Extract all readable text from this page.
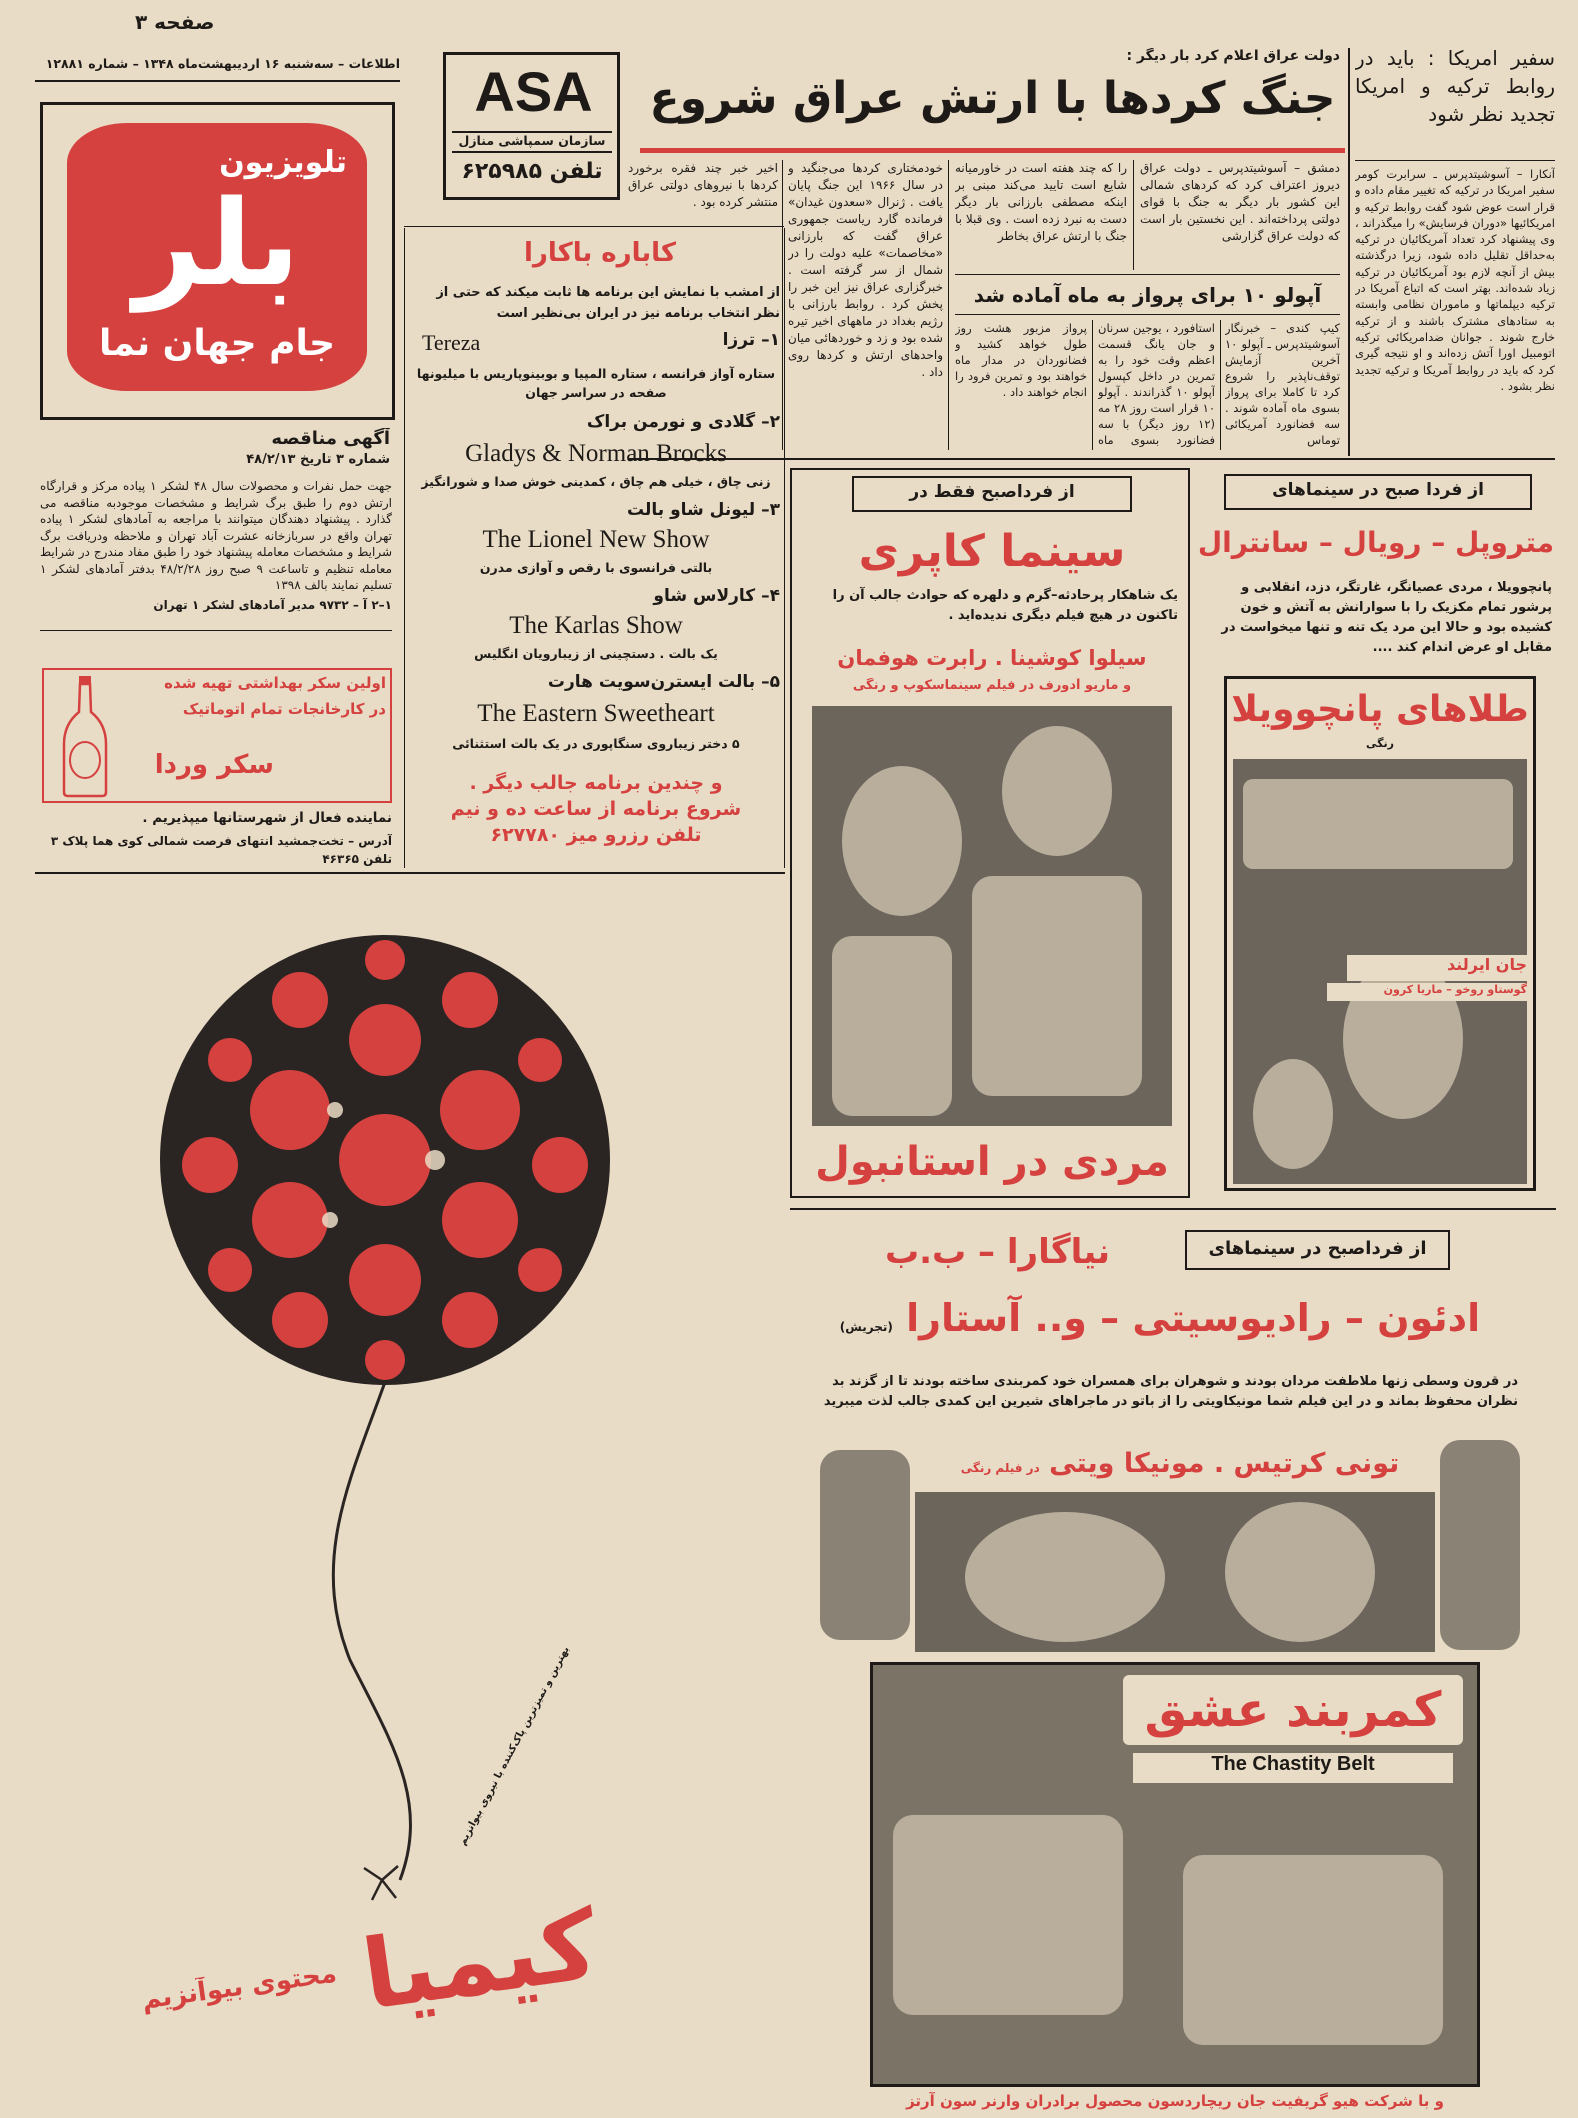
صفحه ۳
اطلاعات – سه‌شنبه ۱۶ اردیبهشت‌ماه ۱۳۴۸ – شماره ۱۲۸۸۱
تلویزیون
بلر
جام جهان نما
آگهی مناقصه
شماره ۳ تاریخ ۴۸/۲/۱۳
جهت حمل نفرات و محصولات سال ۴۸ لشکر ۱ پیاده مرکز و قرارگاه ارتش دوم را طبق برگ شرایط و مشخصات موجودبه مناقصه می گذارد . پیشنهاد دهندگان میتوانند با مراجعه به آمادهای لشکر ۱ پیاده تهران واقع در سربازخانه عشرت آباد تهران و ملاحظه ودریافت برگ شرایط و مشخصات معامله پیشنهاد خود را طبق مفاد مندرج در شرایط معامله تنظیم و تاساعت ۹ صبح روز ۴۸/۲/۲۸ بدفتر آمادهای لشکر ۱ تسلیم نمایند بالف ۱۳۹۸
۱–۲ آ – ۹۷۳۲ مدیر آمادهای لشکر ۱ تهران
اولین سکر بهداشتی تهیه شده
در کارخانجات تمام اتوماتیک
سکر وردا
نماینده فعال از شهرستانها میپذیریم .
آدرس – تخت‌جمشید انتهای فرصت شمالی کوی هما پلاک ۳ تلفن ۴۶۳۶۵
ASA
سازمان سمپاشی منازل
تلفن ۶۲۵۹۸۵
دولت عراق اعلام کرد بار دیگر :
جنگ کردها با ارتش عراق شروع
دمشق – آسوشیتدپرس ـ دولت عراق دیروز اعتراف کرد که کردهای شمالی این کشور بار دیگر به جنگ با قوای دولتی پرداخته‌اند . این نخستین بار است که دولت عراق گزارشی
را که چند هفته است در خاورمیانه شایع است تایید می‌کند مبنی بر اینکه مصطفی بارزانی بار دیگر دست به نبرد زده است . وی قبلا با جنگ با ارتش عراق بخاطر
خودمختاری کردها می‌جنگید و در سال ۱۹۶۶ این جنگ پایان یافت . ژنرال «سعدون غیدان» فرمانده گارد ریاست جمهوری عراق گفت که بارزانی «مخاصمات» علیه دولت را در شمال از سر گرفته است . خبرگزاری عراق نیز این خبر را پخش کرد . روابط بارزانی با رژیم بغداد در ماههای اخیر تیره شده بود و زد و خوردهائی میان واحدهای ارتش و کردها روی داد .
اخیر خبر چند فقره برخورد کردها با نیروهای دولتی عراق منتشر کرده بود .
آپولو ۱۰ برای پرواز به ماه آماده شد
کیپ کندی – خبرنگار آسوشیتدپرس ـ آپولو ۱۰ آخرین آزمایش توقف‌ناپذیر را شروع کرد تا کاملا برای پرواز بسوی ماه آماده شوند . سه فضانورد آمریکائی توماس
استافورد ، یوجین سرنان و جان یانگ قسمت اعظم وقت خود را به تمرین در داخل کپسول آپولو ۱۰ گذراندند . آپولو ۱۰ قرار است روز ۲۸ مه (۱۲ روز دیگر) با سه فضانورد بسوی ماه
پرواز مزبور هشت روز طول خواهد کشید و فضانوردان در مدار ماه خواهند بود و تمرین فرود را انجام خواهند داد .
سفیر امریکا : باید در روابط ترکیه و امریکا تجدید نظر شود
آنکارا – آسوشیتدپرس ـ سرابرت کومر سفیر امریکا در ترکیه که تغییر مقام داده و قرار است عوض شود گفت روابط ترکیه و امریکائیها «دوران فرسایش» را میگذراند ، وی پیشنهاد کرد تعداد آمریکائیان در ترکیه به‌حداقل تقلیل داده شود، زیرا درگذشته بیش از آنچه لازم بود آمریکائیان در ترکیه زیاد شده‌اند. بهتر است که اتباع آمریکا در ترکیه دیپلماتها و ماموران نظامی وابسته به ستادهای مشترک باشند و از ترکیه خارج شوند . جوانان ضدامریکائی ترکیه اتومبیل اورا آتش زده‌اند و او نتیجه گیری کرد که باید در روابط آمریکا و ترکیه تجدید نظر بشود .
کاباره باکارا
از امشب با نمایش این برنامه ها ثابت میکند که حتی از نظر انتخاب برنامه نیز در ایران بی‌نظیر است
۱– ترزا
Tereza
ستاره آواز فرانسه ، ستاره المپیا و بوبینوپاریس با میلیونها صفحه در سراسر جهان
۲– گلادی و نورمن براک
Gladys & Norman Brocks
زنی چاق ، خیلی هم چاق ، کمدینی خوش صدا و شورانگیز
۳– لیونل شاو بالت
The Lionel New Show
بالتی فرانسوی با رقص و آوازی مدرن
۴– کارلاس شاو
The Karlas Show
یک بالت . دستچینی از زیبارویان انگلیس
۵– بالت ایسترن‌سویت هارت
The Eastern Sweetheart
۵ دختر زیباروی سنگاپوری در یک بالت استثنائی
و چندین برنامه جالب دیگر .
شروع برنامه از ساعت ده و نیم
تلفن رزرو میز ۶۲۷۷۸۰
از فرداصبح فقط در
سینما کاپری
یک شاهکار پرحادثه–گرم و دلهره که حوادث جالب آن را تاکنون در هیچ فیلم دیگری ندیده‌اید .
سیلوا کوشینا . رابرت هوفمان
و ماریو آدورف در فیلم سینماسکوپ و رنگی
مردی در استانبول
از فردا صبح در سینماهای
متروپل – رویال – سانترال
پانچوویلا ، مردی عصیانگر، غارتگر، دزد، انقلابی و پرشور تمام مکزیک را با سوارانش به آتش و خون کشیده بود و حالا این مرد یک تنه و تنها میخواست در مقابل او عرض اندام کند ....
طلاهای پانچوویلا
رنگی
جان ایرلند
گوستاو روخو – ماریا کرون
از فرداصبح در سینماهای
نیاگارا – ب.ب
ادئون – رادیوسیتی – و.. آستارا (تجریش)
در قرون وسطی زنها ملاطفت مردان بودند و شوهران برای همسران خود کمربندی ساخته بودند تا از گزند بد نظران محفوظ بماند و در این فیلم شما مونیکاویتی را از باتو در ماجراهای شیرین این کمدی جالب لذت میبرید
تونی کرتیس . مونیکا ویتی در فیلم رنگی
کمربند عشق
The Chastity Belt
و با شرکت هیو گریفیت جان ریچاردسون محصول برادران وارنر سون آرتز
بهترین و تمیزترین پاک‌کننده با نیروی بیوآنزیم
کیمیا
محتوی بیوآنزیم
